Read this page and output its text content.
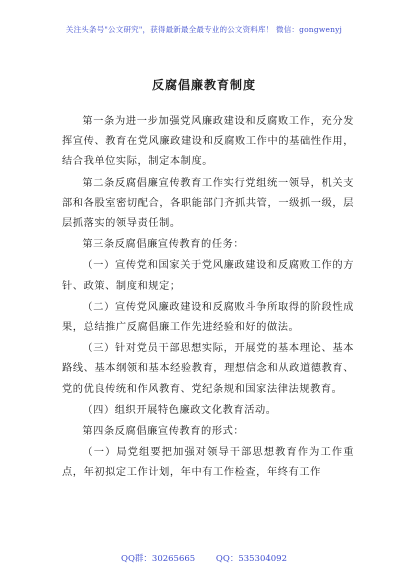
关注头条号"公文研究"，获得最新最全最专业的公文资料库！ 微信：gongwenyj
反腐倡廉教育制度

第一条为进一步加强党风廉政建设和反腐败工作，充分发挥宣传、教育在党风廉政建设和反腐败工作中的基础性作用，结合我单位实际，制定本制度。

第二条反腐倡廉宣传教育工作实行党组统一领导，机关支部和各股室密切配合，各职能部门齐抓共管，一级抓一级，层层抓落实的领导责任制。

第三条反腐倡廉宣传教育的任务：

（一）宣传党和国家关于党风廉政建设和反腐败工作的方针、政策、制度和规定；

（二）宣传党风廉政建设和反腐败斗争所取得的阶段性成果，总结推广反腐倡廉工作先进经验和好的做法。

（三）针对党员干部思想实际，开展党的基本理论、基本路线、基本纲领和基本经验教育，理想信念和从政道德教育、党的优良传统和作风教育、党纪条规和国家法律法规教育。

（四）组织开展特色廉政文化教育活动。

第四条反腐倡廉宣传教育的形式：

（一）局党组要把加强对领导干部思想教育作为工作重点，年初拟定工作计划，年中有工作检查，年终有工作

QQ群：30265665 QQ：535304092
